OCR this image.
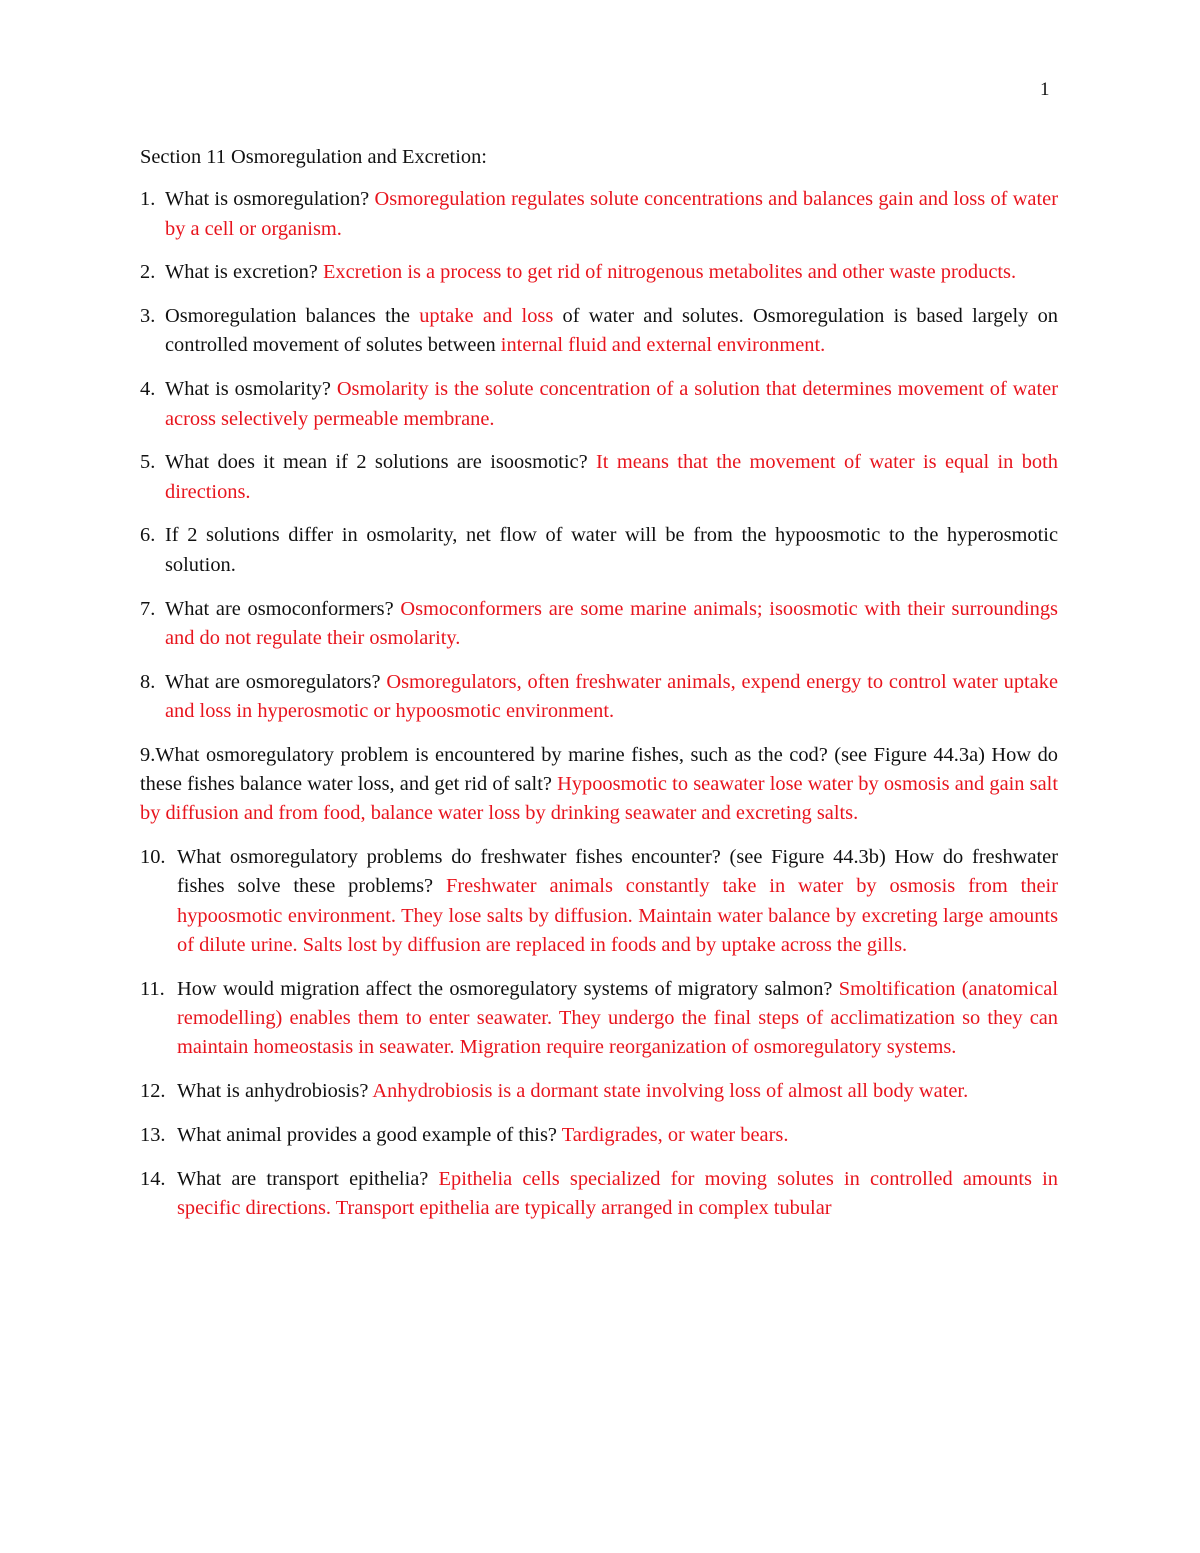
1
Section 11 Osmoregulation and Excretion:
1. What is osmoregulation? Osmoregulation regulates solute concentrations and balances gain and loss of water by a cell or organism.
2. What is excretion? Excretion is a process to get rid of nitrogenous metabolites and other waste products.
3. Osmoregulation balances the uptake and loss of water and solutes. Osmoregulation is based largely on controlled movement of solutes between internal fluid and external environment.
4. What is osmolarity? Osmolarity is the solute concentration of a solution that determines movement of water across selectively permeable membrane.
5. What does it mean if 2 solutions are isoosmotic? It means that the movement of water is equal in both directions.
6. If 2 solutions differ in osmolarity, net flow of water will be from the hypoosmotic to the hyperosmotic solution.
7. What are osmoconformers? Osmoconformers are some marine animals; isoosmotic with their surroundings and do not regulate their osmolarity.
8. What are osmoregulators? Osmoregulators, often freshwater animals, expend energy to control water uptake and loss in hyperosmotic or hypoosmotic environment.
9.What osmoregulatory problem is encountered by marine fishes, such as the cod? (see Figure 44.3a) How do these fishes balance water loss, and get rid of salt? Hypoosmotic to seawater lose water by osmosis and gain salt by diffusion and from food, balance water loss by drinking seawater and excreting salts.
10. What osmoregulatory problems do freshwater fishes encounter? (see Figure 44.3b) How do freshwater fishes solve these problems? Freshwater animals constantly take in water by osmosis from their hypoosmotic environment. They lose salts by diffusion. Maintain water balance by excreting large amounts of dilute urine. Salts lost by diffusion are replaced in foods and by uptake across the gills.
11. How would migration affect the osmoregulatory systems of migratory salmon? Smoltification (anatomical remodelling) enables them to enter seawater. They undergo the final steps of acclimatization so they can maintain homeostasis in seawater. Migration require reorganization of osmoregulatory systems.
12. What is anhydrobiosis? Anhydrobiosis is a dormant state involving loss of almost all body water.
13. What animal provides a good example of this? Tardigrades, or water bears.
14. What are transport epithelia? Epithelia cells specialized for moving solutes in controlled amounts in specific directions. Transport epithelia are typically arranged in complex tubular
